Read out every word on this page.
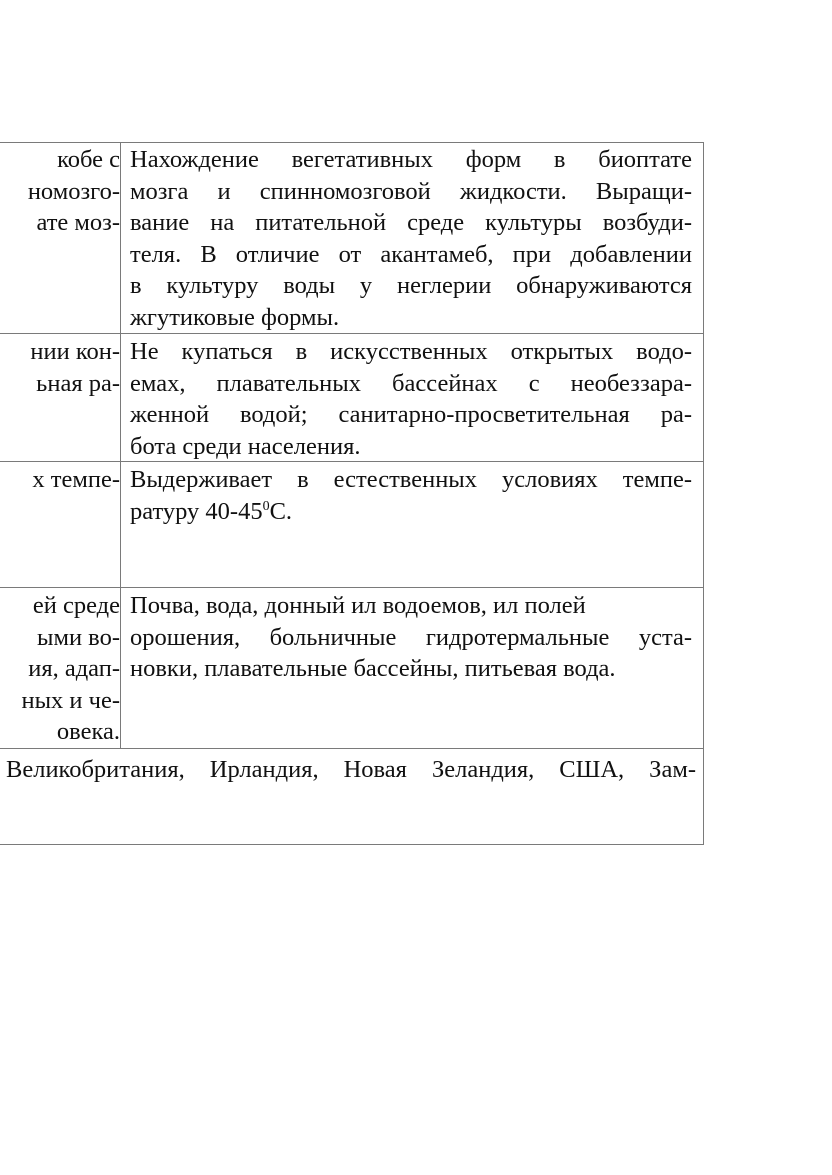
кобе с
номозго-
ате моз-
Нахождение вегетативных форм в биоптате
мозга и спинномозговой жидкости. Выращи-
вание на питательной среде культуры возбуди-
теля. В отличие от акантамеб, при добавлении
в культуру воды у неглерии обнаруживаются
жгутиковые формы.
нии кон-
ьная ра-
Не купаться в искусственных открытых водо-
емах, плавательных бассейнах с необеззара-
женной водой; санитарно-просветительная ра-
бота среди населения.
х темпе- Выдерживает в естественных условиях темпе-
ратуру $40-45^0С$.
ей среде
ыми во-
ия, адап-
ных и че-
овека.
Почва, вода, донный ил водоемов, ил полей
орошения, больничные гидротермальные уста-
новки, плавательные бассейны, питьевая вода.
Великобритания, Ирландия, Новая Зеландия, США, Зам-
